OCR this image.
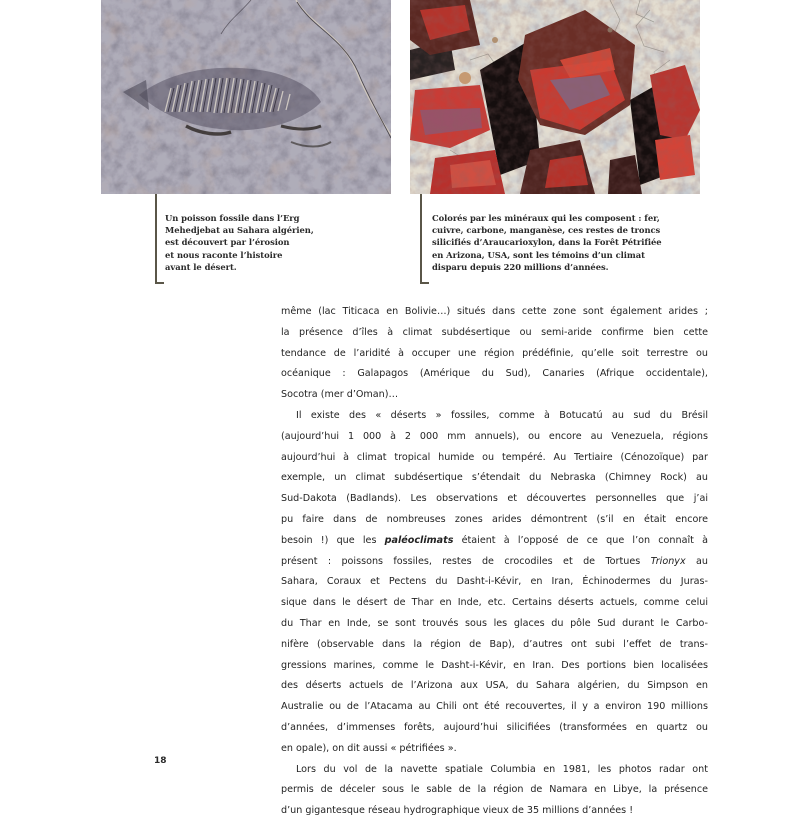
Un poisson fossile dans l’Erg
Mehedjebat au Sahara algérien,
est découvert par l’érosion
et nous raconte l’histoire
avant le désert.
Colorés par les minéraux qui les composent : fer,
cuivre, carbone, manganèse, ces restes de troncs
silicifiés d’Araucarioxylon, dans la Forêt Pétrifiée
en Arizona, USA, sont les témoins d’un climat
disparu depuis 220 millions d’années.
même (lac Titicaca en Bolivie…) situés dans cette zone sont également arides ;
la présence d’îles à climat subdésertique ou semi-aride confirme bien cette
tendance de l’aridité à occuper une région prédéfinie, qu’elle soit terrestre ou
océanique : Galapagos (Amérique du Sud), Canaries (Afrique occidentale),
Socotra (mer d’Oman)…
Il existe des « déserts » fossiles, comme à Botucatú au sud du Brésil
(aujourd’hui 1 000 à 2 000 mm annuels), ou encore au Venezuela, régions
aujourd’hui à climat tropical humide ou tempéré. Au Tertiaire (Cénozoïque) par
exemple, un climat subdésertique s’étendait du Nebraska (Chimney Rock) au
Sud-Dakota (Badlands). Les observations et découvertes personnelles que j’ai
pu faire dans de nombreuses zones arides démontrent (s’il en était encore
besoin !) que les paléoclimats étaient à l’opposé de ce que l’on connaît à
présent : poissons fossiles, restes de crocodiles et de Tortues Trionyx au
Sahara, Coraux et Pectens du Dasht-i-Kévir, en Iran, Échinodermes du Juras-
sique dans le désert de Thar en Inde, etc. Certains déserts actuels, comme celui
du Thar en Inde, se sont trouvés sous les glaces du pôle Sud durant le Carbo-
nifère (observable dans la région de Bap), d’autres ont subi l’effet de trans-
gressions marines, comme le Dasht-i-Kévir, en Iran. Des portions bien localisées
des déserts actuels de l’Arizona aux USA, du Sahara algérien, du Simpson en
Australie ou de l’Atacama au Chili ont été recouvertes, il y a environ 190 millions
d’années, d’immenses forêts, aujourd’hui silicifiées (transformées en quartz ou
en opale), on dit aussi « pétrifiées ».
Lors du vol de la navette spatiale Columbia en 1981, les photos radar ont
permis de déceler sous le sable de la région de Namara en Libye, la présence
d’un gigantesque réseau hydrographique vieux de 35 millions d’années !
18
